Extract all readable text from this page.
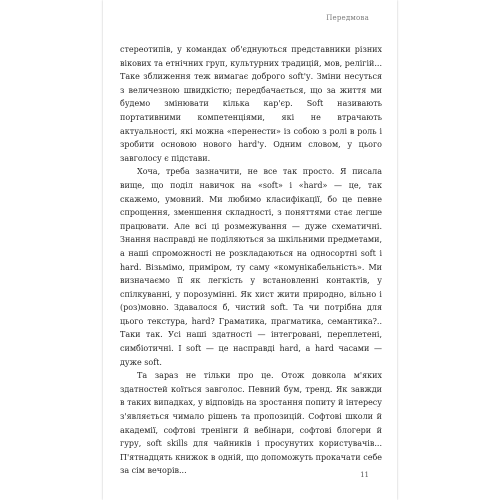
Передмова

стереотипів, у командах об'єднуються представники різних вікових та етнічних груп, культурних традицій, мов, релігій... Таке зближення теж вимагає доброго soft'у. Зміни несуться з величезною швидкістю; передбачається, що за життя ми будемо змінювати кілька кар'єр. Soft називають портативними компетенціями, які не втрачають актуальності, які можна «перенести» із собою з ролі в роль і зробити основою нового hard'у. Одним словом, у цього завголосу є підстави.

Хоча, треба зазначити, не все так просто. Я писала вище, що поділ навичок на «soft» і «hard» — це, так скажемо, умовний. Ми любимо класифікації, бо це певне спрощення, зменшення складності, з поняттями стає легше працювати. Але всі ці розмежування — дуже схематичні. Знання насправді не поділяються за шкільними предметами, а наші спроможності не розкладаються на односортні soft і hard. Візьмімо, приміром, ту саму «комунікабельність». Ми визначаємо її як легкість у встановленні контактів, у спілкуванні, у порозумінні. Як хист жити природно, вільно і (роз)мовно. Здавалося б, чистий soft. Та чи потрібна для цього текстура, hard? Граматика, прагматика, семантика?.. Таки так. Усі наші здатності — інтегровані, переплетені, симбіотичні. І soft — це насправді hard, а hard часами — дуже soft.

Та зараз не тільки про це. Отож довкола м'яких здатностей коїться завголос. Певний бум, тренд. Як завжди в таких випадках, у відповідь на зростання попиту й інтересу з'являється чимало рішень та пропозицій. Софтові школи й академії, софтові тренінги й вебінари, софтові блогери й гуру, soft skills для чайників і просунутих користувачів... П'ятнадцять книжок в одній, що допоможуть прокачати себе за сім вечорів...	11
